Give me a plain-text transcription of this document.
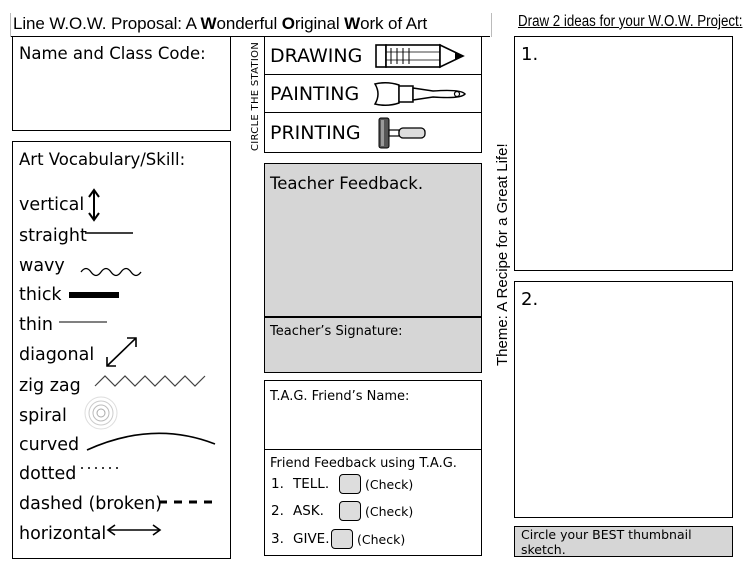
Line W.O.W. Proposal: A Wonderful Original Work of Art	Draw 2 ideas for your W.O.W. Project:
Name and Class Code:
Art Vocabulary/Skill:
vertical
straight
wavy
thick
thin
diagonal
zig zag
spiral
curved
dotted
dashed (broken)
horizontal
CIRCLE THE STATION DRAWING
PAINTING
PRINTING
Teacher Feedback.
Teacher’s Signature:
T.A.G. Friend’s Name:
Friend Feedback using T.A.G.
1. TELL.	(Check)
2. ASK.	(Check)
3. GIVE. (Check)
Theme: A Recipe for a Great Life!
1.
2.
Circle your BEST thumbnail sketch.
